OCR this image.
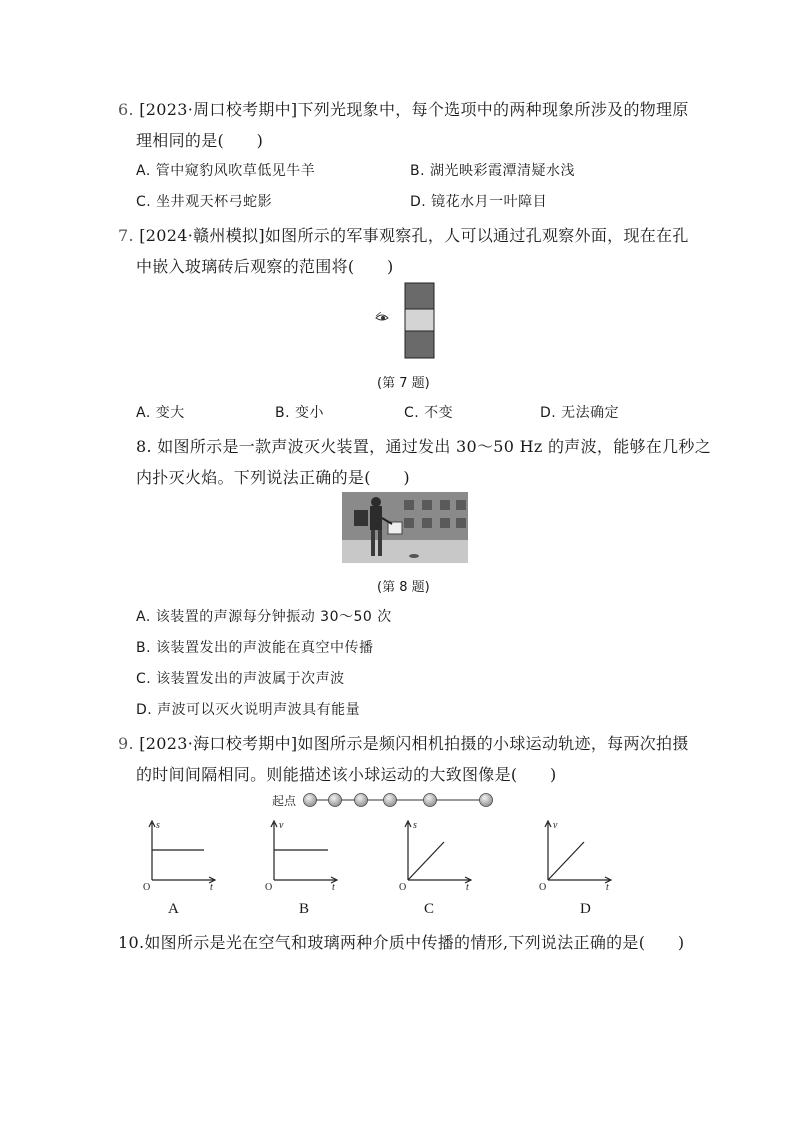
6. [2023·周口校考期中]下列光现象中，每个选项中的两种现象所涉及的物理原
理相同的是(　　)
A. 管中窥豹风吹草低见牛羊	B. 湖光映彩霞潭清疑水浅
C. 坐井观天杯弓蛇影	D. 镜花水月一叶障目
7. [2024·赣州模拟]如图所示的军事观察孔，人可以通过孔观察外面，现在在孔
中嵌入玻璃砖后观察的范围将(　　)
(第 7 题)
A. 变大	B. 变小	C. 不变	D. 无法确定
8. 如图所示是一款声波灭火装置，通过发出 30～50 Hz 的声波，能够在几秒之
内扑灭火焰。下列说法正确的是(　　)
(第 8 题)
A. 该装置的声源每分钟振动 30～50 次
B. 该装置发出的声波能在真空中传播
C. 该装置发出的声波属于次声波
D. 声波可以灭火说明声波具有能量
9. [2023·海口校考期中]如图所示是频闪相机拍摄的小球运动轨迹，每两次拍摄
的时间间隔相同。则能描述该小球运动的大致图像是(　　)
起点
s
t
O
A
v
t
O
B
s
t
O
C
v
t
O
D
10.如图所示是光在空气和玻璃两种介质中传播的情形,下列说法正确的是(　　)
